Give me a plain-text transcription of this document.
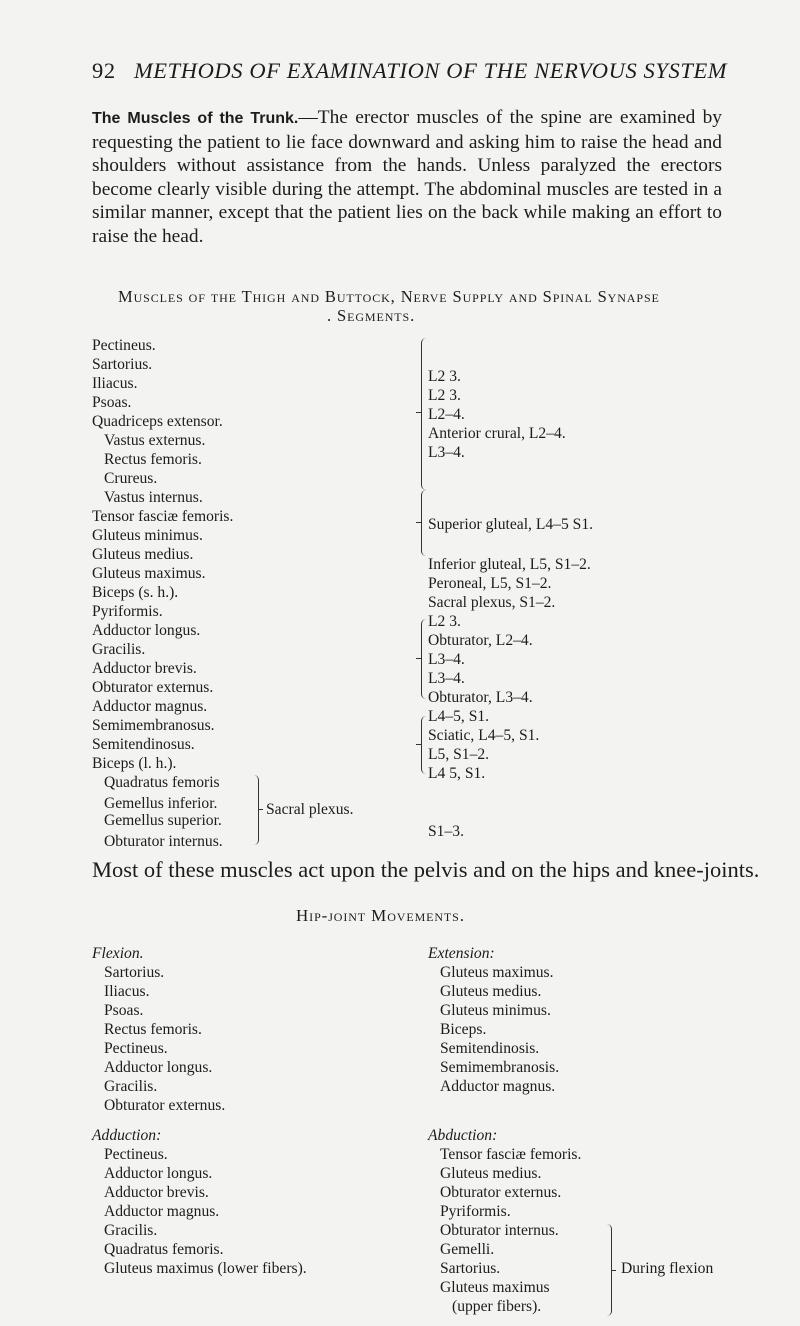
92 METHODS OF EXAMINATION OF THE NERVOUS SYSTEM
The Muscles of the Trunk.—The erector muscles of the spine are examined by requesting the patient to lie face downward and asking him to raise the head and shoulders without assistance from the hands. Unless paralyzed the erectors become clearly visible during the attempt. The abdominal muscles are tested in a similar manner, except that the patient lies on the back while making an effort to raise the head.
Muscles of the Thigh and Buttock, Nerve Supply and Spinal Synapse
. Segments.
Pectineus.
Sartorius.
Iliacus.
Psoas.
Quadriceps extensor.
Vastus externus.
Rectus femoris.
Crureus.
Vastus internus.
Tensor fasciæ femoris.
Gluteus minimus.
Gluteus medius.
Gluteus maximus.
Biceps (s. h.).
Pyriformis.
Adductor longus.
Gracilis.
Adductor brevis.
Obturator externus.
Adductor magnus.
Semimembranosus.
Semitendinosus.
Biceps (l. h.).
Quadratus femoris
Gemellus inferior.
Gemellus superior.
Obturator internus.
Sacral plexus.
L2 3.
L2 3.
L2–4.
Anterior crural, L2–4.
L3–4.
Superior gluteal, L4–5 S1.
Inferior gluteal, L5, S1–2.
Peroneal, L5, S1–2.
Sacral plexus, S1–2.
L2 3.
Obturator, L2–4.
L3–4.
L3–4.
Obturator, L3–4.
L4–5, S1.
Sciatic, L4–5, S1.
L5, S1–2.
L4 5, S1.
S1–3.
Most of these muscles act upon the pelvis and on the hips and knee-joints.
Hip-joint Movements.
Flexion.
Sartorius.
Iliacus.
Psoas.
Rectus femoris.
Pectineus.
Adductor longus.
Gracilis.
Obturator externus.
Extension:
Gluteus maximus.
Gluteus medius.
Gluteus minimus.
Biceps.
Semitendinosis.
Semimembranosis.
Adductor magnus.
Adduction:
Pectineus.
Adductor longus.
Adductor brevis.
Adductor magnus.
Gracilis.
Quadratus femoris.
Gluteus maximus (lower fibers).
Abduction:
Tensor fasciæ femoris.
Gluteus medius.
Obturator externus.
Pyriformis.
Obturator internus.
Gemelli.
Sartorius.
Gluteus maximus
(upper fibers).
During flexion
